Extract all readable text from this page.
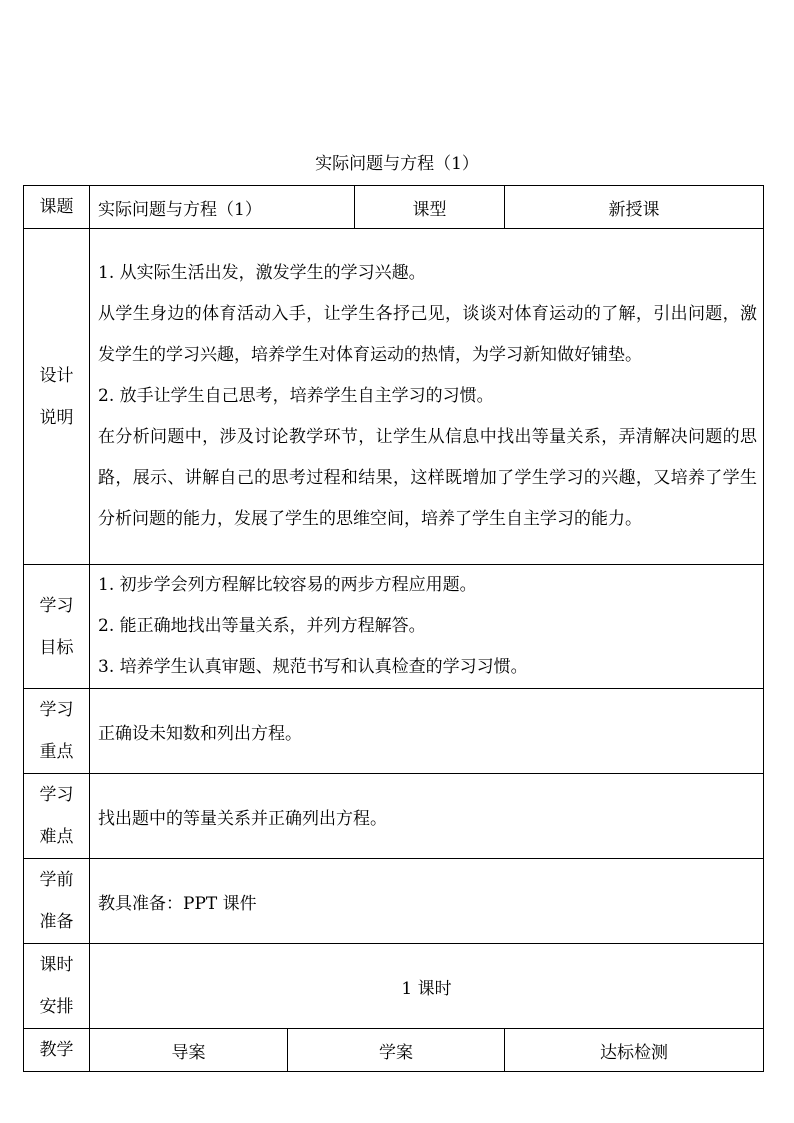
实际问题与方程（1）
课题	实际问题与方程（1）		课型	新授课

设计
说明	1. 从实际生活出发，激发学生的学习兴趣。
从学生身边的体育活动入手，让学生各抒己见，谈谈对体育运动的了解，引出问题，激发学生的学习兴趣，培养学生对体育运动的热情，为学习新知做好铺垫。
2. 放手让学生自己思考，培养学生自主学习的习惯。
在分析问题中，涉及讨论教学环节，让学生从信息中找出等量关系，弄清解决问题的思路，展示、讲解自己的思考过程和结果，这样既增加了学生学习的兴趣，又培养了学生分析问题的能力，发展了学生的思维空间，培养了学生自主学习的能力。			

学习
目标	1. 初步学会列方程解比较容易的两步方程应用题。
2. 能正确地找出等量关系，并列方程解答。
3. 培养学生认真审题、规范书写和认真检查的学习习惯。			

学习
重点	正确设未知数和列出方程。			

学习
难点	找出题中的等量关系并正确列出方程。			

学前
准备	教具准备：PPT 课件			

课时
安排	1 课时			
教学	导案	学案		达标检测
